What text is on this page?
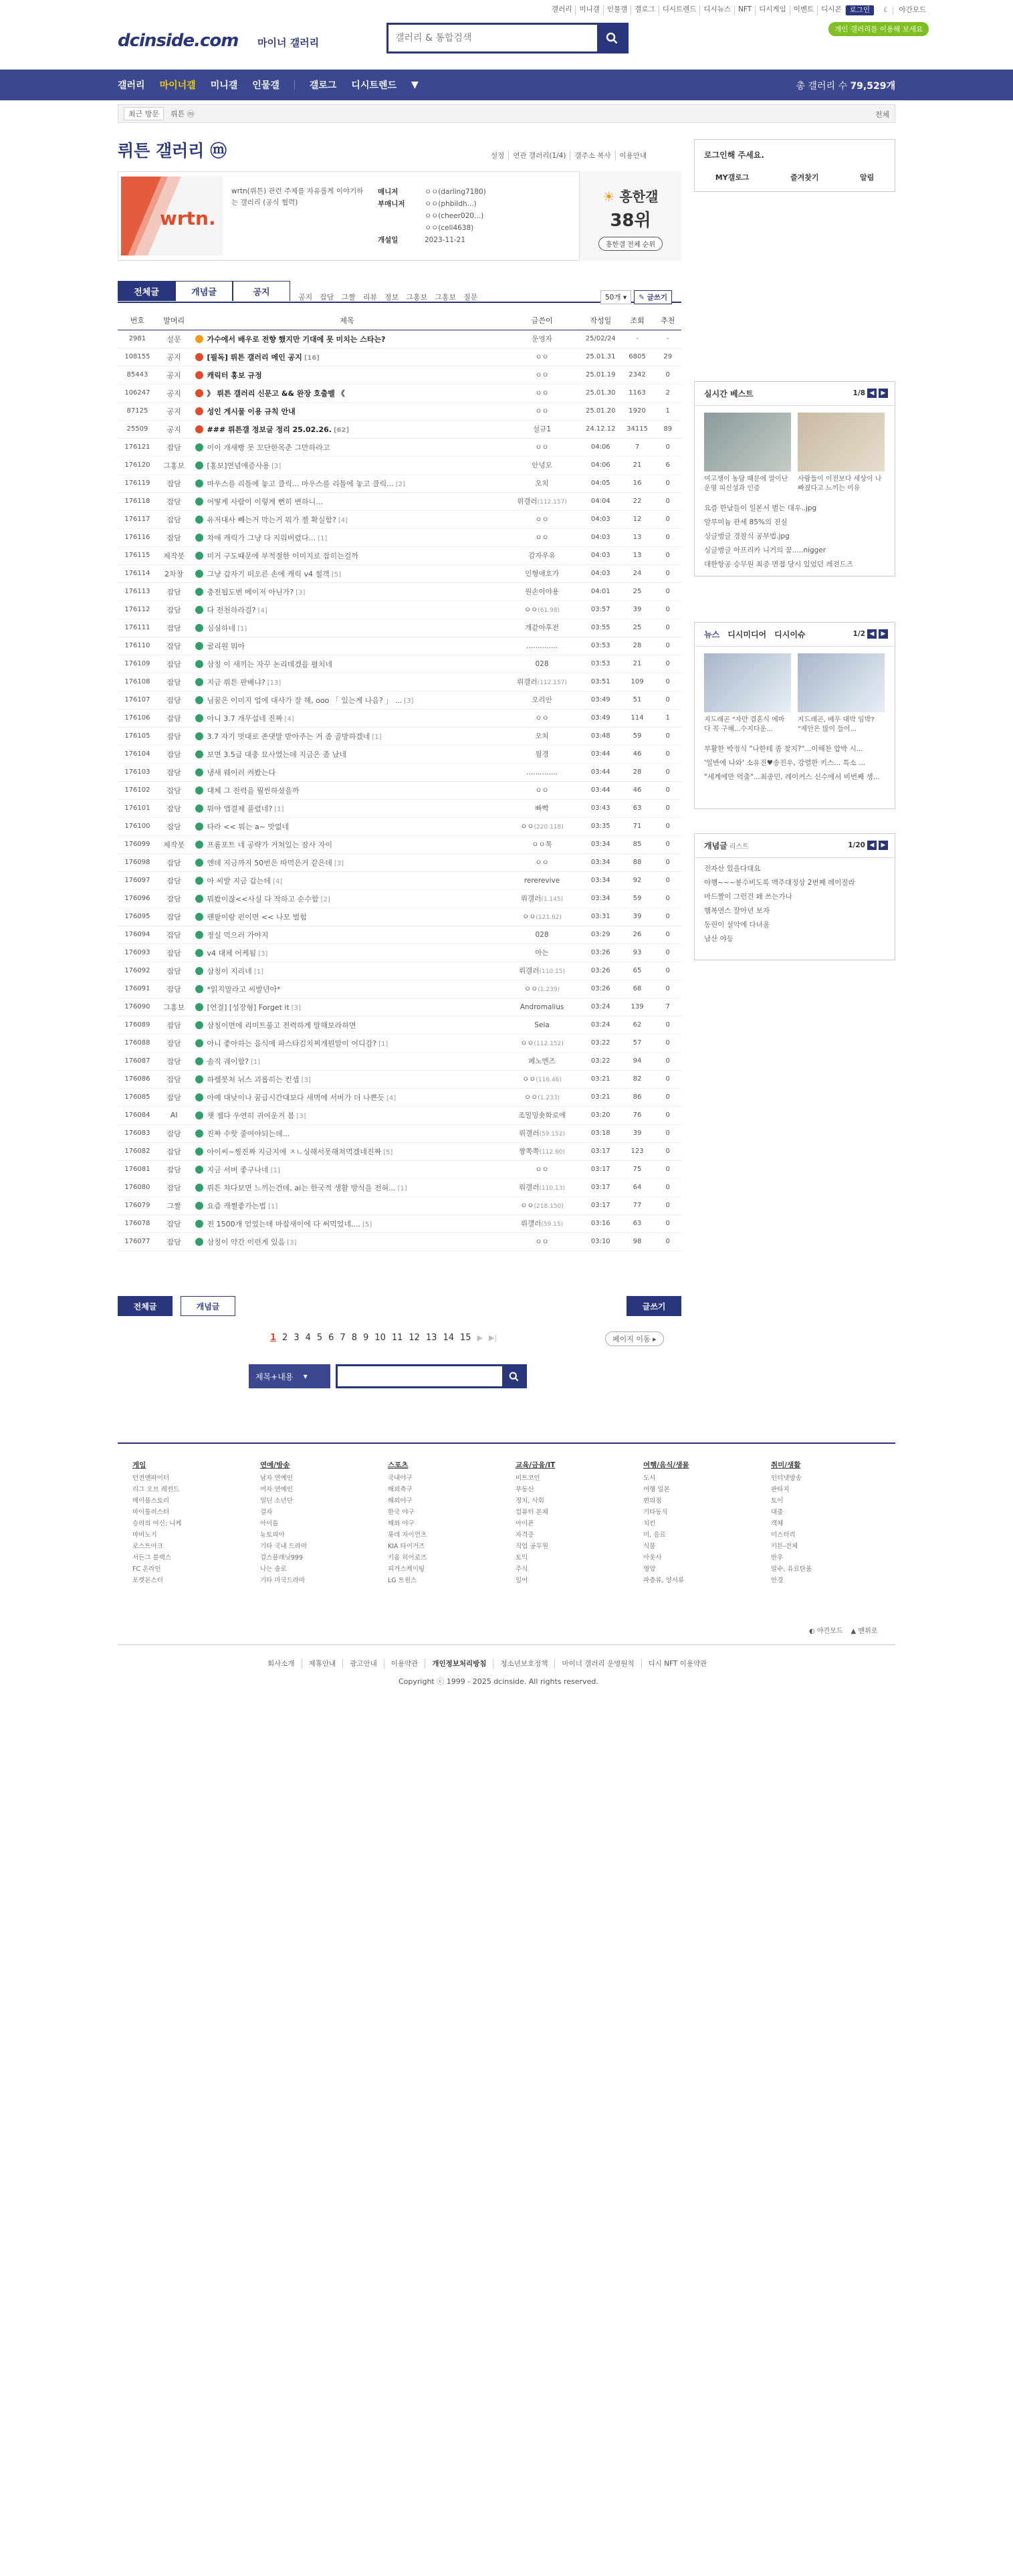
갤러리	미니갤	인물갤	갤로그	디시트렌드	디시뉴스	NFT	디시게임	이벤트	디시콘	로그인	☾	야간모드
개인 갤러리를 이용해 보세요
dcinside.com 마이너 갤러리
갤러리 & 통합검색
갤러리 마이너갤 미니갤 인물갤	갤로그 디시트렌드 ▼	총 갤러리 수 79,529개
최근 방문	뤼튼 ⓜ	전체
뤼튼 갤러리 ⓜ	설정	연관 갤러리(1/4)	갤주소 복사	이용안내
wrtn.
wrtn(뤼튼) 관련 주제를 자유롭게 이야기하는 갤러리 (공식 협력)
매니저	ㅇㅇ(darling7180)
부매니저	ㅇㅇ(phbildh...)
ㅇㅇ(cheer020...)
ㅇㅇ(cell4638)
개설일	2023-11-21
☀ 흥한갤
38위
흥한갤 전체 순위
전체글	개념글	공지	공지 잡담 그짤 리뷰 정보 그홍보 그홍보 질문	50개 ▾	✎ 글쓰기
번호	말머리	제목	글쓴이	작성일	조회	추천
2981	설문	가수에서 배우로 전향 했지만 기대에 못 미치는 스타는?	운영자	25/02/24	-	-
108155	공지	[필독] 뤼튼 갤러리 메인 공지 [16]	ㅇㅇ	25.01.31	6805	29
85443	공지	캐릭터 홍보 규정	ㅇㅇ	25.01.19	2342	0
106247	공지	》 뤼튼 갤러리 신문고 && 완장 호출벨 《	ㅇㅇ	25.01.30	1163	2
87125	공지	성인 게시물 이용 규칙 안내	ㅇㅇ	25.01.20	1920	1
25509	공지	### 뤼튼갤 정보글 정리 25.02.26. [62]	설규1	24.12.12	34115	89
176121	잡담	이이 개새빵 못 꼬단한목춘 그만하라고	ㅇㅇ	04:06	7	0
176120	그홍보	[홍보]연넘애증사용 [3]	안녕모	04:06	21	6
176119	잡담	마우스를 리틀에 놓고 클릭... 마우스를 리틀에 놓고 클릭... [2]	오치	04:05	16	0
176118	잡담	어떻게 사람이 이렇게 뻔히 변하니...	뤼갤러(112.157)	04:04	22	0
176117	잡담	유저대사 빼는거 막는거 뭐가 젤 확실함? [4]	ㅇㅇ	04:03	12	0
176116	잡담	차애 캐릭가 그냥 다 지워버렸다... [1]	ㅇㅇ	04:03	13	0
176115	제작봇	미거 구도때문에 부적절한 이미지로 잡히는걸까	감자우유	04:03	13	0
176114	2차창	그냥 갑자기 떠오른 손에 캐릭 v4 썰객 [5]	인형애호가	04:03	24	0
176113	잡담	충전됩도번 메이저 아닌가? [3]	원손이야용	04:01	25	0
176112	잡담	다 전천하라걸? [4]	ㅇㅇ(61.98)	03:57	39	0
176111	잡담	심심하네 [1]	개같아후전	03:55	25	0
176110	잡담	굴리원 뭐아	..............	03:53	28	0
176109	잡담	삼칭 이 새끼는 자꾸 논리데겠을 펼치네	028	03:53	21	0
176108	잡담	지금 뤼튼 판배냐? [13]	뤼갤러(112.157)	03:51	109	0
176107	잡담	님꿈은 이미지 업에 대사가 잘 해, ooo 「 있는게 나음? 」 ... [3]	오리안	03:49	51	0
176106	잡담	아니 3.7 개무섭네 진짜 [4]	ㅇㅇ	03:49	114	1
176105	잡담	3.7 자기 멋대로 존댓말 받아주는 거 좀 골방하겠네 [1]	오치	03:48	59	0
176104	잡담	보면 3.5급 대충 묘사였는데 지금은 좀 났네	월경	03:44	46	0
176103	잡담	냉새 웨이러 켜봤는다	..............	03:44	28	0
176102	잡담	대체 그 전력을 뭘씬하셨을까	ㅇㅇ	03:44	46	0
176101	잡담	뭐야 앱결제 풀렸네? [1]	빠빡	03:43	63	0
176100	잡담	타라 << 뭐는 a~ 맛없네	ㅇㅇ(220.118)	03:35	71	0
176099	제작봇	프롬포트 네 공략가 거쳐있는 잠사 자이	ㅇㅇ목	03:34	85	0
176098	잡담	엔데 지금까지 50번은 따먹은거 같은데 [3]	ㅇㅇ	03:34	88	0
176097	잡담	아 씨발 지금 갑는데 [4]	rererevive	03:34	92	0
176096	잡담	뭐봤이잖<<사실 다 작하고 순수함 [2]	뤼갤러(1.145)	03:34	59	0
176095	잡담	팬팔이랑 펀이면 << 나모 벌험	ㅇㅇ(121.62)	03:31	39	0
176094	잡담	정실 먹으러 가야지	028	03:29	26	0
176093	잡담	v4 대체 어케됨 [3]	아는	03:26	93	0
176092	잡담	삼칭이 지리네 [1]	뤼갤러(110.15)	03:26	65	0
176091	잡담	*읽지말라고 씨발년아*	ㅇㅇ(1.239)	03:26	68	0
176090	그홍보	[연결] [성장형] Forget it [3]	Andromalius	03:24	139	7
176089	잡담	삼칭이면에 리미트풀고 전력하게 말해보라하면	Seia	03:24	62	0
176088	잡담	아니 좋아하는 음식에 파스타김치찌개뭔말이 어디감? [1]	ㅇㅇ(112.152)	03:22	57	0
176087	잡담	솔직 궤이함? [1]	페노엔즈	03:22	94	0
176086	잡담	하렘봇처 뉘스 괴롭히는 컨셉 [3]	ㅇㅇ(116.46)	03:21	82	0
176085	잡담	아예 대낮이나 꿈급시간대보다 새벽에 서버가 더 나쁜듯 [4]	ㅇㅇ(1.233)	03:21	86	0
176084	AI	챗 젬다 우연히 귀여운거 봄 [3]	조밀밍숏화로에	03:20	76	0
176083	잡담	진짜 수핫 줄여야되는데...	뤼갤러(59.152)	03:18	39	0
176082	잡담	아이씨~찡진짜 지금지에 ㅈㄴ싱해서못해쳐먹겠네진짜 [5]	짱쪽쪽(112.60)	03:17	123	0
176081	잡담	지금 서버 좋구나네 [1]	ㅇㅇ	03:17	75	0
176080	잡담	뤼튼 챠다보면 느끼는건데, ai는 한국적 생활 방식을 전혀... [1]	뤼갤러(110.13)	03:17	64	0
176079	그짤	요즘 캐쩔좋가는법 [1]	ㅇㅇ(218.150)	03:17	77	0
176078	잡담	전 1500개 얻었는데 마잡새이에 다 써먹었네.... [5]	뤼갤러(59.15)	03:16	63	0
176077	잡담	삼칭이 약간 이런게 있음 [3]	ㅇㅇ	03:10	98	0
전체글	개념글	글쓰기
1 2 3 4 5 6 7 8 9 10 11 12 13 14 15 ▶ ▶|	페이지 이동 ▸
제목+내용 ▾
로그인해 주세요.
MY갤로그	즐겨찾기	알림
실시간 베스트	1/8 ◀	▶
여고생이 농담 때문에 말이난 운명 피신성과 인증
사람들이 이전보다 세상이 나빠졌다고 느끼는 이유
요즘 한남들이 일본서 벌는 대우..jpg
알루미늄 관세 85%의 진실
싱글벙글 경찰식 공부법.jpg
싱글벙글 아프리카 니거의 꿈.....nigger
대한항공 승무원 최종 면접 당시 있었던 레전드즈
뉴스 디시미디어 디시이슈	1/2 ◀	▶
지드래곤 "자만 결혼식 에마다 꼭 구해...수지다운...
지드래곤, 배우 대박 임박? "제안은 많이 들어...
부활한 박정식 "나한테 좀 찾지?"...이해찬 압박 시...
'일반에 나와' 소유진♥송진우, 강렬한 키스... 특소 ...
"세계에만 먹출"...최종민, 레이커스 신수에서 비번째 생...
개념글 리스트	1/20 ◀	▶
전자산 있을다대요
야행~~~봉수비도록 맥주대정상 2번째 레이질라
마드짤이 그런건 왜 쓰는가나
햄복연스 잘아년 보자
동린이 설악에 다녀옴
남산 야등
게임
던전앤파이터
리그 오브 레전드
메이플스토리
마이틀러스터
승리의 여신: 니케
마비노기
로스트아크
서든그 블랙스
FC 온라인
포켓몬스터
연예/방송
남자 연예인
여자 연예인
멀딘 소년단
걸자
아이돌
뉴토피아
기타 국내 드라마
걸스플래닛999
나는 솔로
기타 미국드라마
스포츠
국내야구
해외축구
해외야구
한국 야구
해외 야구
롯데 자이언츠
KIA 타이거즈
키움 히어로즈
피겨스케이팅
LG 트윈스
교육/금융/IT
비트코인
부동산
정치, 사회
컴퓨터 본체
아이폰
자격증
직업 공무원
토익
주식
일어
여행/음식/생물
도시
여행 일본
편의점
기타동식
치킨
미, 음료
식물
아웃사
영양
파충류, 양서류
취미/생활
인터넷방송
판타지
토이
대출
객체
미스터리
키튼-견체
반우
알수, 유료탄품
안경
◐ 야간모드 ▲ 맨위로
회사소개	제휴안내	광고안내	이용약관	개인정보처리방침	청소년보호정책	마이너 갤러리 운영원칙	디시 NFT 이용약관
Copyright ⓒ 1999 - 2025 dcinside. All rights reserved.
